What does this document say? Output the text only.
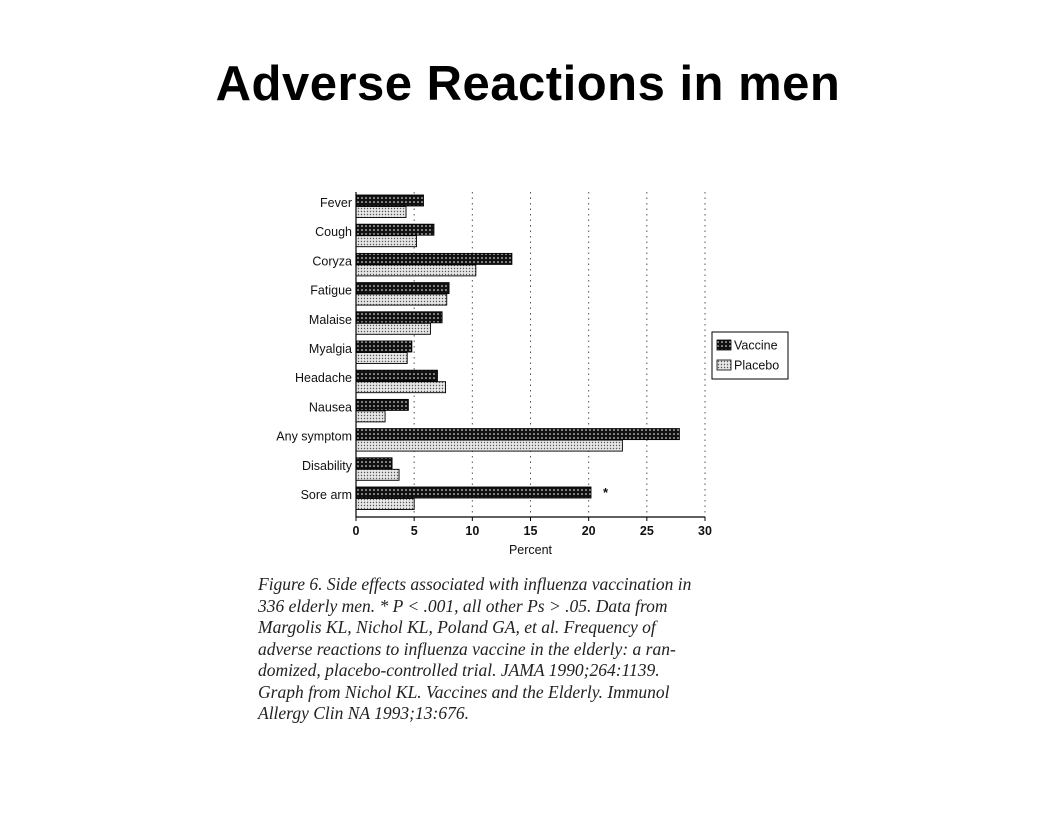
Adverse Reactions in men
*
Fever
Cough
Coryza
Fatigue
Malaise
Myalgia
Headache
Nausea
Any symptom
Disability
Sore arm
0	5	10	15	20	25	30
Percent
Vaccine
Placebo
Figure 6. Side effects associated with influenza vaccination in
336 elderly men. * P < .001, all other Ps > .05. Data from
Margolis KL, Nichol KL, Poland GA, et al. Frequency of
adverse reactions to influenza vaccine in the elderly: a ran-
domized, placebo-controlled trial. JAMA 1990;264:1139.
Graph from Nichol KL. Vaccines and the Elderly. Immunol
Allergy Clin NA 1993;13:676.
